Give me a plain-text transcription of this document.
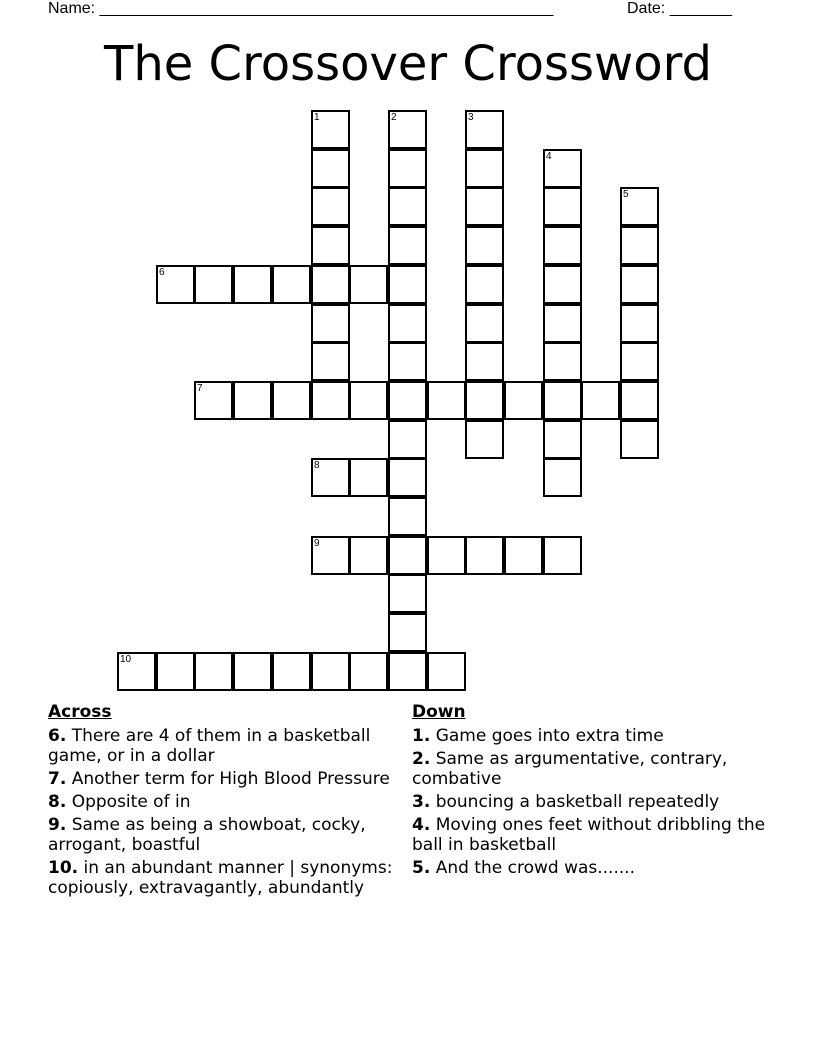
Name: ___________________________________________________	Date: _______
The Crossover Crossword
1	2	3
4
5
6
7
8
9
10
Across
6. There are 4 of them in a basketball game, or in a dollar
7. Another term for High Blood Pressure
8. Opposite of in
9. Same as being a showboat, cocky, arrogant, boastful
10. in an abundant manner | synonyms: copiously, extravagantly, abundantly
Down
1. Game goes into extra time
2. Same as argumentative, contrary, combative
3. bouncing a basketball repeatedly
4. Moving ones feet without dribbling the ball in basketball
5. And the crowd was.......
